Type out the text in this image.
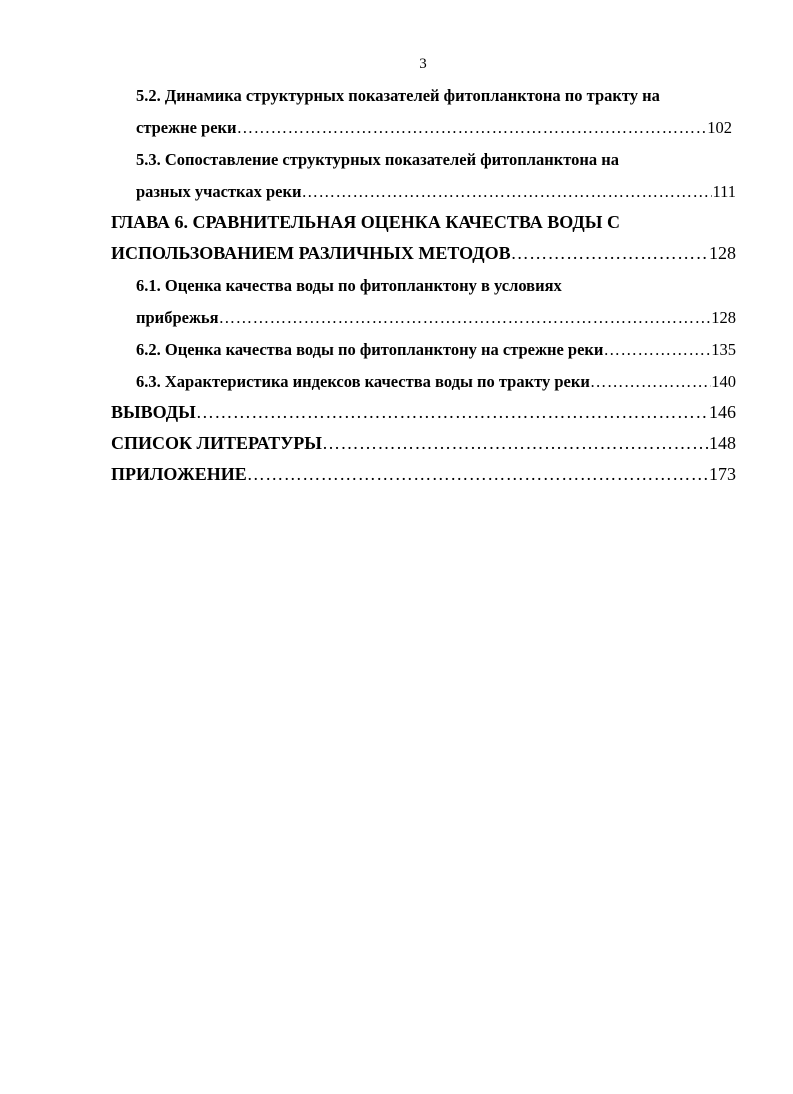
3
5.2. Динамика структурных показателей фитопланктона по тракту на
стрежне реки …………………………………………………………………………………………………………………………………………………………………………	102
5.3. Сопоставление структурных показателей фитопланктона на
разных участках реки …………………………………………………………………………………………………………………………………………………………………………	111
ГЛАВА 6. СРАВНИТЕЛЬНАЯ ОЦЕНКА КАЧЕСТВА ВОДЫ С
ИСПОЛЬЗОВАНИЕМ РАЗЛИЧНЫХ МЕТОДОВ …………………………………………………………………………………………………………………………………………………………………………	128
6.1. Оценка качества воды по фитопланктону в условиях
прибрежья …………………………………………………………………………………………………………………………………………………………………………	128
6.2. Оценка качества воды по фитопланктону на стрежне реки …………………………………………………………………………………………………………………………………………………………………………	135
6.3. Характеристика индексов качества воды по тракту реки …………………………………………………………………………………………………………………………………………………………………………	140
ВЫВОДЫ …………………………………………………………………………………………………………………………………………………………………………	146
СПИСОК ЛИТЕРАТУРЫ …………………………………………………………………………………………………………………………………………………………………………	148
ПРИЛОЖЕНИЕ …………………………………………………………………………………………………………………………………………………………………………	173
